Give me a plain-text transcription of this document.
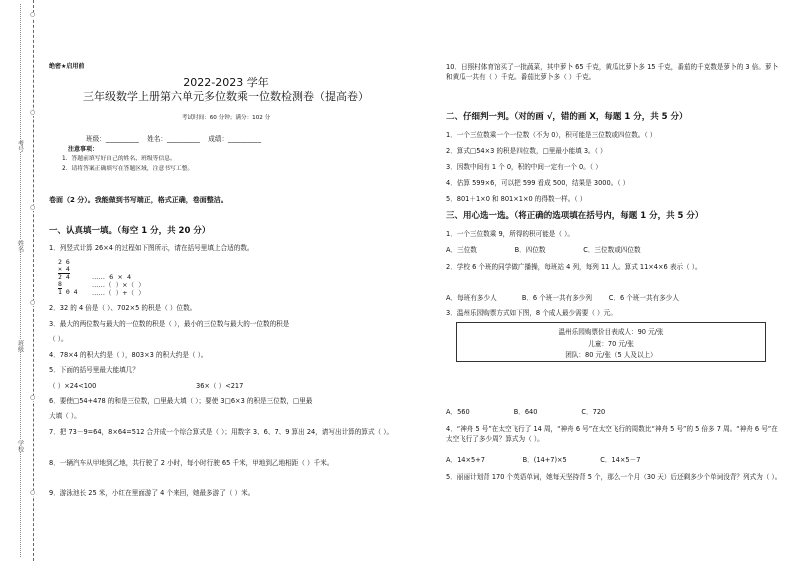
○
○
○
○
○
○
考号
姓名
班级
学校
绝密★启用前
2022-2023 学年
三年级数学上册第六单元多位数乘一位数检测卷（提高卷）
考试时间：60 分钟；满分：102 分
班级：__________    姓名：__________    成绩：__________
注意事项：
1．答题前填写好自己的姓名、班级等信息。
2．请将答案正确填写在答题区域，注意书写工整。
卷面（2 分）。我能做到书写端正，格式正确，卷面整洁。
一、认真填一填。（每空 1 分，共 20 分）
1．列竖式计算 26×4 的过程如下图所示，请在括号里填上合适的数。
2 6
× 4
2 4
8
1 0 4
……  6  ×  4
……（  ）×（  ）
……（  ）+（  ）
2．32 的 4 倍是（ ）、702×5 的积是（ ）位数。
3．最大的两位数与最大的一位数的积是（ ），最小的三位数与最大的一位数的积是
（ ）。
4．78×4 的积大约是（ ），803×3 的积大约是（ ）。
5．下面的括号里最大能填几？
（ ）×24<100	36×（ ）<217
6．要使□54+478 的和是三位数，□里最大填（ ）；要使 3□6×3 的积是三位数，□里最
大填（ ）。
7．把 73－9=64，8×64=512 合并成一个综合算式是（ ）；用数字 3、6、7、9 算出 24，请写出计算的算式（ ）。
8．一辆汽车从甲地到乙地，共行驶了 2 小时，每小时行驶 65 千米，甲地到乙地相距（ ）千米。
9．游泳池长 25 米，小红在里面游了 4 个来回，她最多游了（ ）米。
10．日照村体育馆买了一批蔬菜，其中萝卜 65 千克，黄瓜比萝卜多 15 千克，番茄的千克数是萝卜的 3 倍。萝卜和黄瓜一共有（ ）千克。番茄比萝卜多（ ）千克。
二、仔细判一判。（对的画 √，错的画 X，每题 1 分，共 5 分）
1．一个三位数乘一个一位数（不为 0），积可能是三位数或四位数。（ ）
2．算式□54×3 的积是四位数，□里最小能填 3。（ ）
3．因数中间有 1 个 0，积的中间一定有一个 0。（ ）
4．估算 599×6，可以把 599 看成 500，结果是 3000。（ ）
5．801＋1×0 和 801×1×0 的得数一样。（ ）
三、用心选一选。（将正确的选项填在括号内，每题 1 分，共 5 分）
1．一个三位数乘 9，所得的积可能是（ ）。
A．三位数                  B．四位数                  C．三位数或四位数
2．学校 6 个班的同学做广播操，每班站 4 列，每列 11 人。算式 11×4×6 表示（ ）。
A．每班有多少人            B．6 个班一共有多少列        C．6 个班一共有多少人
3．温州乐园购票方式如下图，8 个成人最少需要（ ）元。
温州乐园购票价目表成人：90 元/张
儿童：70 元/张
团队：80 元/张（5 人及以上）
A．560                     B．640                     C．720
4．“神舟 5 号”在太空飞行了 14 周，“神舟 6 号”在太空飞行的周数比“神舟 5 号”的 5 倍多 7 周。“神舟 6 号”在太空飞行了多少周？算式为（ ）。
A．14×5+7                  B．(14+7)×5                C．14×5－7
5．丽丽计划背 170 个英语单词，她每天坚持背 5 个，那么一个月（30 天）后还剩多少个单词没背？列式为（ ）。
